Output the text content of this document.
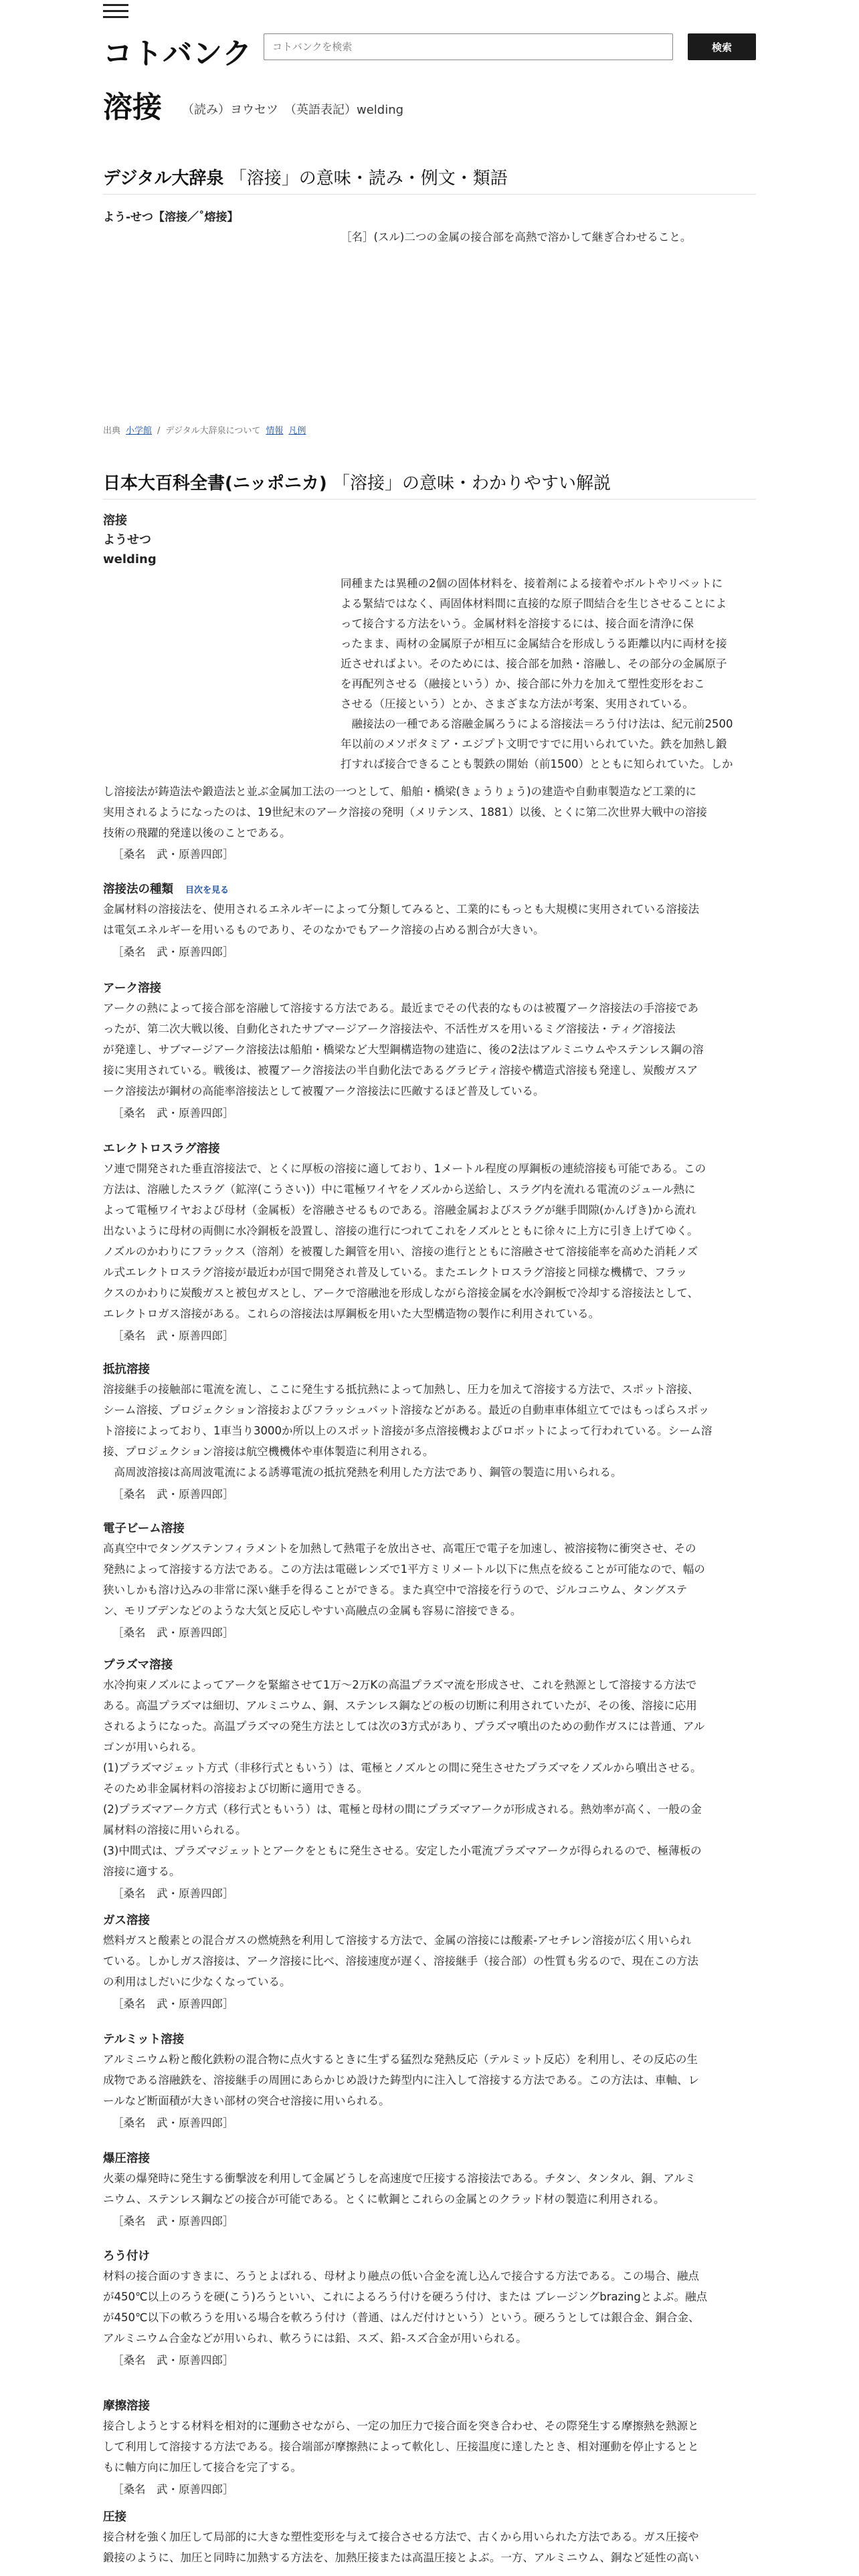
コトバンク
コトバンクを検索	検索
溶接 （読み）ヨウセツ　（英語表記）welding
デジタル大辞泉 「溶接」の意味・読み・例文・類語
よう‐せつ【溶接／˚熔接】
［名］(スル)二つの金属の接合部を高熱で溶かして継ぎ合わせること。
出典 小学館 / デジタル大辞泉について 情報 凡例
日本大百科全書(ニッポニカ) 「溶接」の意味・わかりやすい解説
溶接
ようせつ
welding
同種または異種の2個の固体材料を、接着剤による接着やボルトやリベットに
よる緊結ではなく、両固体材料間に直接的な原子間結合を生じさせることによ
って接合する方法をいう。金属材料を溶接するには、接合面を清浄に保
ったまま、両材の金属原子が相互に金属結合を形成しうる距離以内に両材を接
近させればよい。そのためには、接合部を加熱・溶融し、その部分の金属原子
を再配列させる（融接という）か、接合部に外力を加えて塑性変形をおこ
させる（圧接という）とか、さまざまな方法が考案、実用されている。
　融接法の一種である溶融金属ろうによる溶接法＝ろう付け法は、紀元前2500
年以前のメソポタミア・エジプト文明ですでに用いられていた。鉄を加熱し鍛
打すれば接合できることも製鉄の開始（前1500）とともに知られていた。しか
し溶接法が鋳造法や鍛造法と並ぶ金属加工法の一つとして、船舶・橋梁(きょうりょう)の建造や自動車製造など工業的に
実用されるようになったのは、19世紀末のアーク溶接の発明（メリテンス、1881）以後、とくに第二次世界大戦中の溶接
技術の飛躍的発達以後のことである。
［桑名　武・原善四郎］
溶接法の種類 目次を見る
金属材料の溶接法を、使用されるエネルギーによって分類してみると、工業的にもっとも大規模に実用されている溶接法
は電気エネルギーを用いるものであり、そのなかでもアーク溶接の占める割合が大きい。
［桑名　武・原善四郎］
アーク溶接
アークの熱によって接合部を溶融して溶接する方法である。最近までその代表的なものは被覆アーク溶接法の手溶接であ
ったが、第二次大戦以後、自動化されたサブマージアーク溶接法や、不活性ガスを用いるミグ溶接法・ティグ溶接法
が発達し、サブマージアーク溶接法は船舶・橋梁など大型鋼構造物の建造に、後の2法はアルミニウムやステンレス鋼の溶
接に実用されている。戦後は、被覆アーク溶接法の半自動化法であるグラビティ溶接や構造式溶接も発達し、炭酸ガスア
ーク溶接法が鋼材の高能率溶接法として被覆アーク溶接法に匹敵するほど普及している。
［桑名　武・原善四郎］
エレクトロスラグ溶接
ソ連で開発された垂直溶接法で、とくに厚板の溶接に適しており、1メートル程度の厚鋼板の連続溶接も可能である。この
方法は、溶融したスラグ（鉱滓(こうさい)）中に電極ワイヤをノズルから送給し、スラグ内を流れる電流のジュール熱に
よって電極ワイヤおよび母材（金属板）を溶融させるものである。溶融金属およびスラグが継手間隙(かんげき)から流れ
出ないように母材の両側に水冷銅板を設置し、溶接の進行につれてこれをノズルとともに徐々に上方に引き上げてゆく。
ノズルのかわりにフラックス（溶剤）を被覆した鋼管を用い、溶接の進行とともに溶融させて溶接能率を高めた消耗ノズ
ル式エレクトロスラグ溶接が最近わが国で開発され普及している。またエレクトロスラグ溶接と同様な機構で、フラッ
クスのかわりに炭酸ガスと被包ガスとし、アークで溶融池を形成しながら溶接金属を水冷銅板で冷却する溶接法として、
エレクトロガス溶接がある。これらの溶接法は厚鋼板を用いた大型構造物の製作に利用されている。
［桑名　武・原善四郎］
抵抗溶接
溶接継手の接触部に電流を流し、ここに発生する抵抗熱によって加熱し、圧力を加えて溶接する方法で、スポット溶接、
シーム溶接、プロジェクション溶接およびフラッシュバット溶接などがある。最近の自動車車体組立てではもっぱらスポッ
ト溶接によっており、1車当り3000か所以上のスポット溶接が多点溶接機およびロボットによって行われている。シーム溶
接、プロジェクション溶接は航空機機体や車体製造に利用される。
　高周波溶接は高周波電流による誘導電流の抵抗発熱を利用した方法であり、鋼管の製造に用いられる。
［桑名　武・原善四郎］
電子ビーム溶接
高真空中でタングステンフィラメントを加熱して熱電子を放出させ、高電圧で電子を加速し、被溶接物に衝突させ、その
発熱によって溶接する方法である。この方法は電磁レンズで1平方ミリメートル以下に焦点を絞ることが可能なので、幅の
狭いしかも溶け込みの非常に深い継手を得ることができる。また真空中で溶接を行うので、ジルコニウム、タングステ
ン、モリブデンなどのような大気と反応しやすい高融点の金属も容易に溶接できる。
［桑名　武・原善四郎］
プラズマ溶接
水冷拘束ノズルによってアークを緊縮させて1万～2万Kの高温プラズマ流を形成させ、これを熱源として溶接する方法で
ある。高温プラズマは細切、アルミニウム、銅、ステンレス鋼などの板の切断に利用されていたが、その後、溶接に応用
されるようになった。高温プラズマの発生方法としては次の3方式があり、プラズマ噴出のための動作ガスには普通、アル
ゴンが用いられる。
(1)プラズマジェット方式（非移行式ともいう）は、電極とノズルとの間に発生させたプラズマをノズルから噴出させる。
そのため非金属材料の溶接および切断に適用できる。
(2)プラズマアーク方式（移行式ともいう）は、電極と母材の間にプラズマアークが形成される。熱効率が高く、一般の金
属材料の溶接に用いられる。
(3)中間式は、プラズマジェットとアークをともに発生させる。安定した小電流プラズマアークが得られるので、極薄板の
溶接に適する。
［桑名　武・原善四郎］
ガス溶接
燃料ガスと酸素との混合ガスの燃焼熱を利用して溶接する方法で、金属の溶接には酸素‐アセチレン溶接が広く用いられ
ている。しかしガス溶接は、アーク溶接に比べ、溶接速度が遅く、溶接継手（接合部）の性質も劣るので、現在この方法
の利用はしだいに少なくなっている。
［桑名　武・原善四郎］
テルミット溶接
アルミニウム粉と酸化鉄粉の混合物に点火するときに生ずる猛烈な発熱反応（テルミット反応）を利用し、その反応の生
成物である溶融鉄を、溶接継手の周囲にあらかじめ設けた鋳型内に注入して溶接する方法である。この方法は、車軸、レ
ールなど断面積が大きい部材の突合せ溶接に用いられる。
［桑名　武・原善四郎］
爆圧溶接
火薬の爆発時に発生する衝撃波を利用して金属どうしを高速度で圧接する溶接法である。チタン、タンタル、銅、アルミ
ニウム、ステンレス鋼などの接合が可能である。とくに軟鋼とこれらの金属とのクラッド材の製造に利用される。
［桑名　武・原善四郎］
ろう付け
材料の接合面のすきまに、ろうとよばれる、母材より融点の低い合金を流し込んで接合する方法である。この場合、融点
が450℃以上のろうを硬(こう)ろうといい、これによるろう付けを硬ろう付け、または ブレージングbrazingとよぶ。融点
が450℃以下の軟ろうを用いる場合を軟ろう付け（普通、はんだ付けという）という。硬ろうとしては銀合金、銅合金、
アルミニウム合金などが用いられ、軟ろうには鉛、スズ、鉛‐スズ合金が用いられる。
［桑名　武・原善四郎］
摩擦溶接
接合しようとする材料を相対的に運動させながら、一定の加圧力で接合面を突き合わせ、その際発生する摩擦熱を熱源と
して利用して溶接する方法である。接合端部が摩擦熱によって軟化し、圧接温度に達したとき、相対運動を停止するとと
もに軸方向に加圧して接合を完了する。
［桑名　武・原善四郎］
圧接
接合材を強く加圧して局部的に大きな塑性変形を与えて接合させる方法で、古くから用いられた方法である。ガス圧接や
鍛接のように、加圧と同時に加熱する方法を、加熱圧接または高温圧接とよぶ。一方、アルミニウム、銅など延性の高い
